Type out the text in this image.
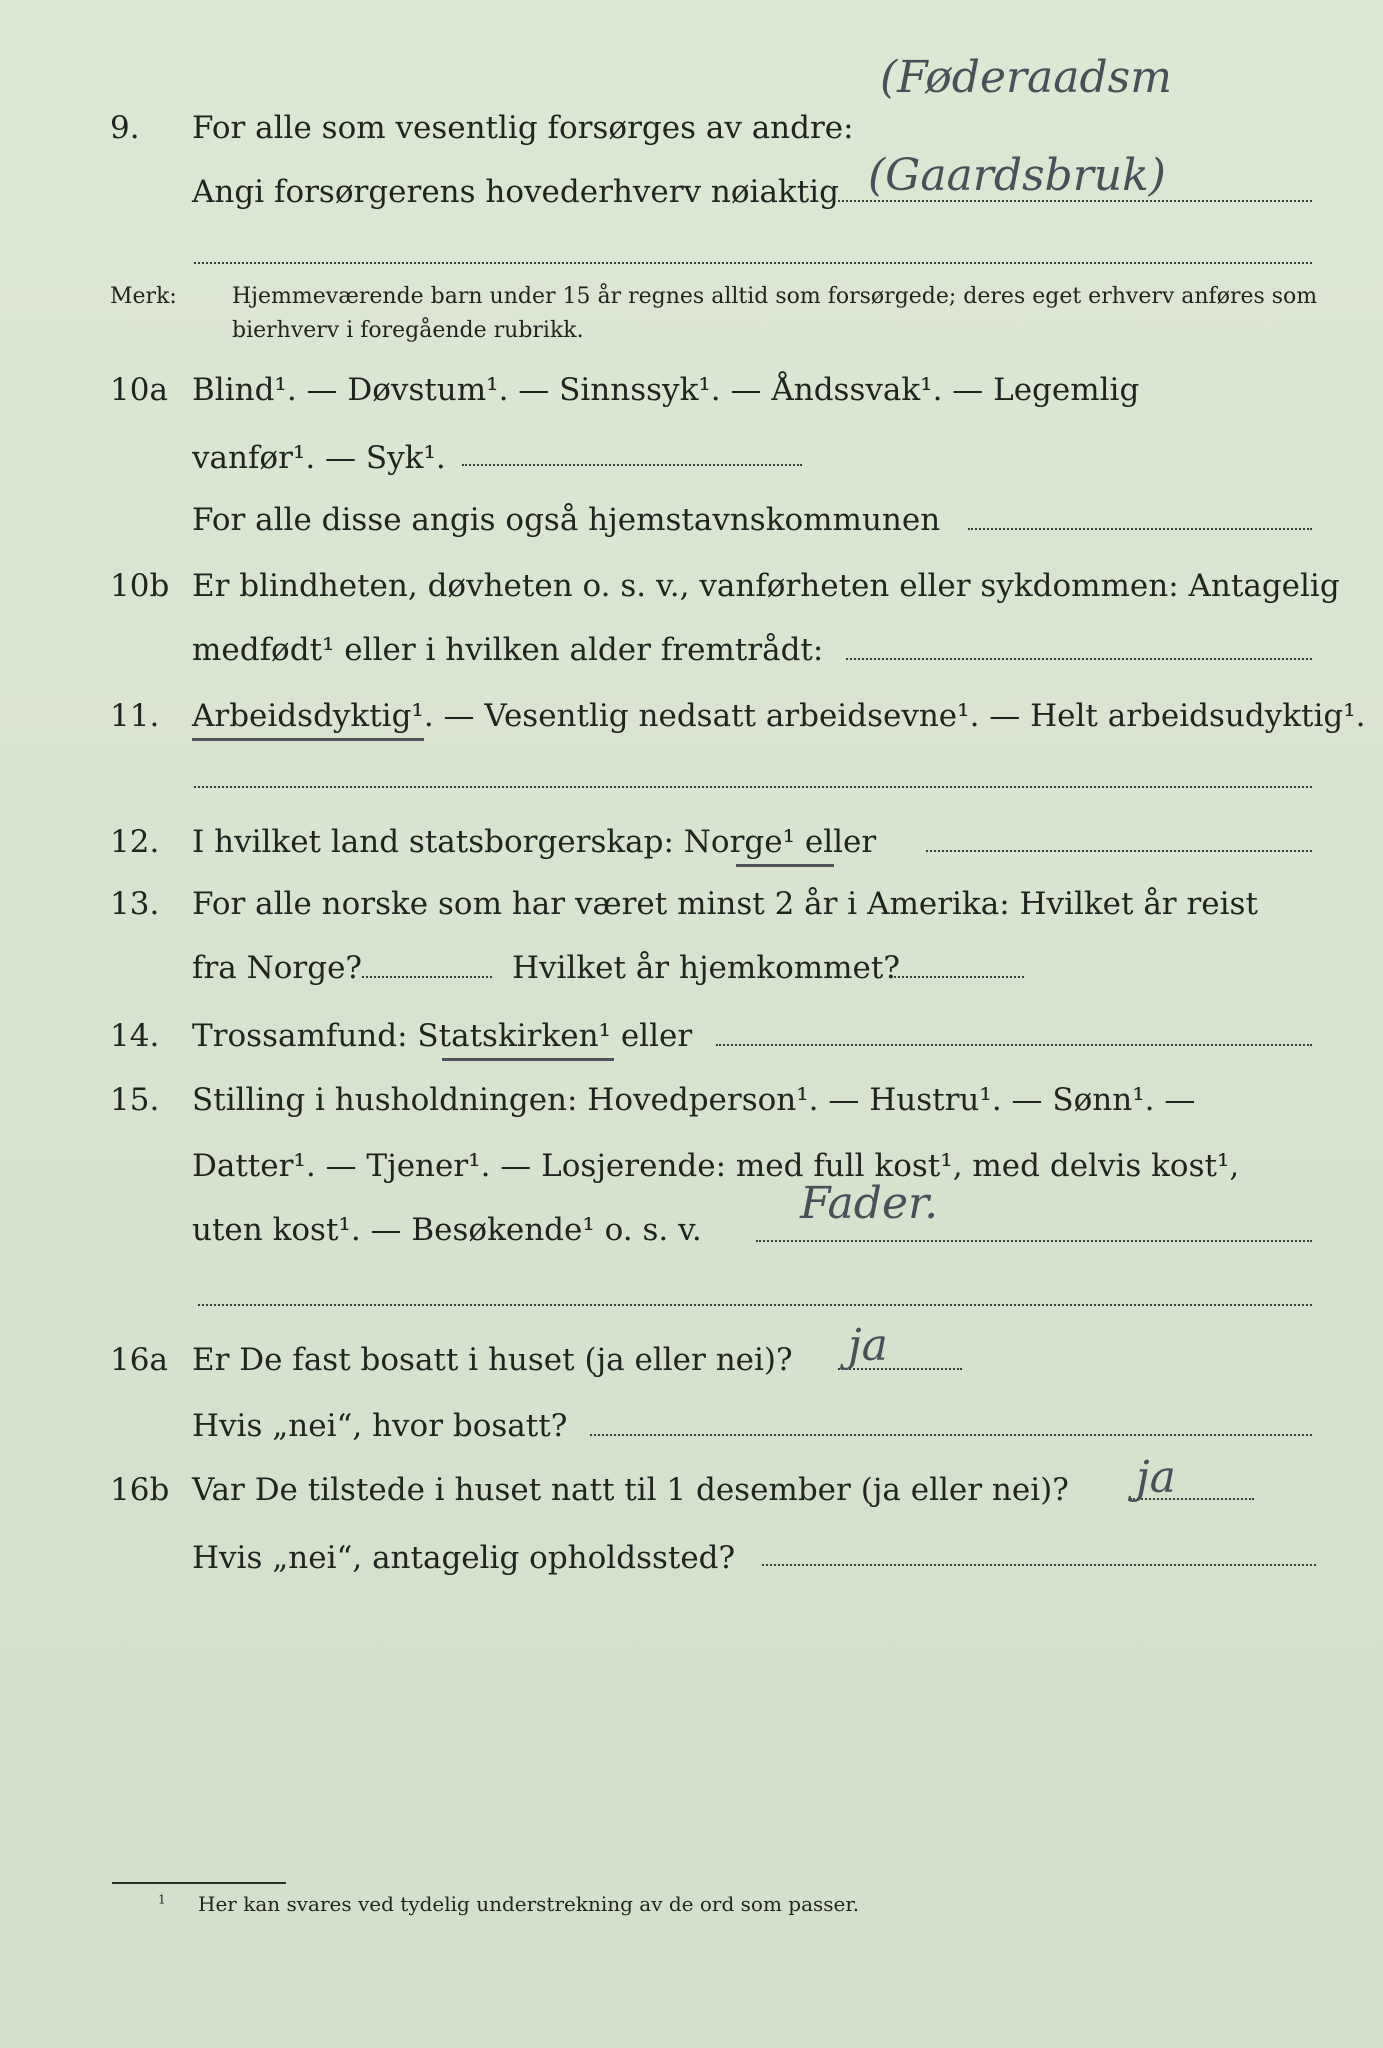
9. For alle som vesentlig forsørges av andre:
(Føderaadsm
Angi forsørgerens hovederhverv nøiaktig (Gaardsbruk)
Merk:	Hjemmeværende barn under 15 år regnes alltid som forsørgede; deres eget erhverv anføres som bierhverv i foregående rubrikk.
10a Blind¹. — Døvstum¹. — Sinnssyk¹. — Åndssvak¹. — Legemlig
vanfør¹. — Syk¹.
For alle disse angis også hjemstavnskommunen
10b Er blindheten, døvheten o. s. v., vanførheten eller sykdommen: Antagelig
medfødt¹ eller i hvilken alder fremtrådt:
11. Arbeidsdyktig¹. — Vesentlig nedsatt arbeidsevne¹. — Helt arbeidsudyktig¹.
12. I hvilket land statsborgerskap: Norge¹ eller
13. For alle norske som har været minst 2 år i Amerika: Hvilket år reist
fra Norge?	Hvilket år hjemkommet?
14. Trossamfund: Statskirken¹ eller
15. Stilling i husholdningen: Hovedperson¹. — Hustru¹. — Sønn¹. —
Datter¹. — Tjener¹. — Losjerende: med full kost¹, med delvis kost¹,
uten kost¹. — Besøkende¹ o. s. v.
Fader.
16a Er De fast bosatt i huset (ja eller nei)? ja
Hvis „nei“, hvor bosatt?
16b Var De tilstede i huset natt til 1 desember (ja eller nei)? ja
Hvis „nei“, antagelig opholdssted?
$^1$ Her kan svares ved tydelig understrekning av de ord som passer.
